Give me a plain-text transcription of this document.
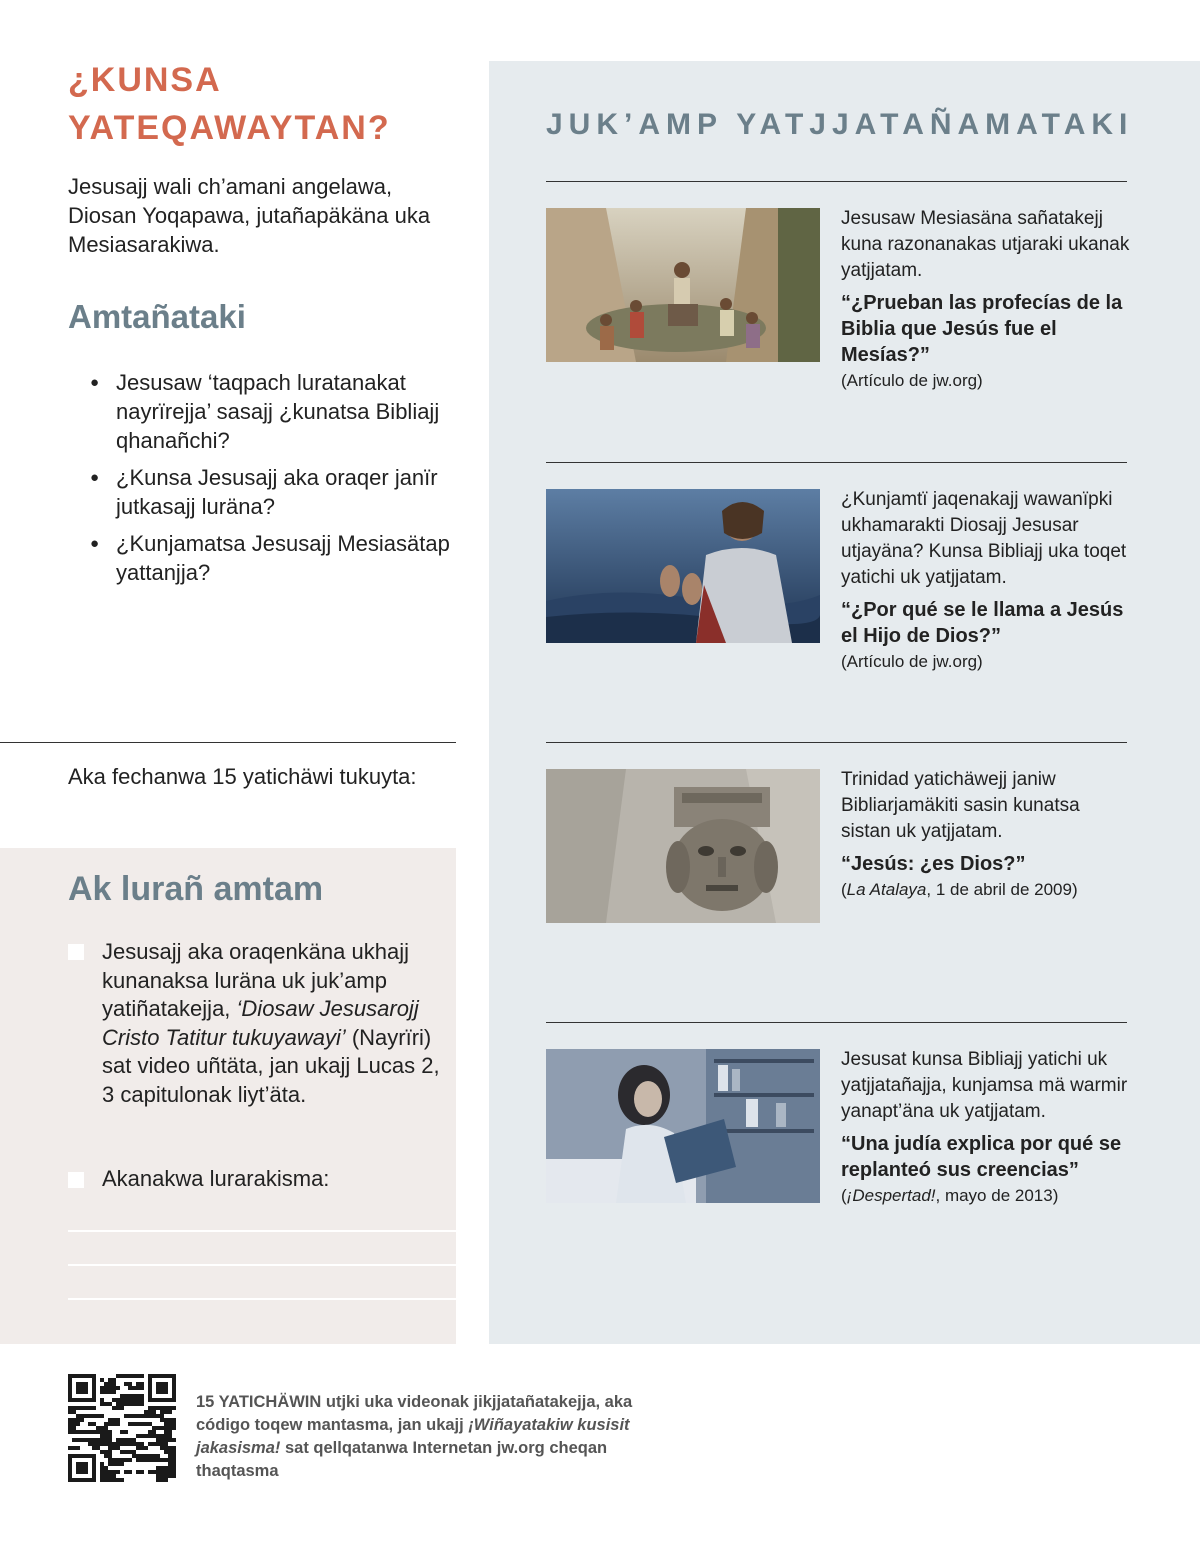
¿KUNSA
YATEQAWAYTAN?

Jesusajj wali ch’amani angelawa, Diosan Yoqapawa, jutañapäkäna uka Mesiasarakiwa.

Amtañataki
● Jesusaw ‘taqpach luratanakat nayrïrejja’ sasajj ¿kunatsa Bibliajj qhanañchi?
● ¿Kunsa Jesusajj aka oraqer janïr jutkasajj luräna?
● ¿Kunjamatsa Jesusajj Mesiasätap yattanjja?

Aka fechanwa 15 yatichäwi tukuyta:

Ak lurañ amtam

Jesusajj aka oraqenkäna ukhajj kunanaksa luräna uk juk’amp yatiñatakejja, ‘Diosaw Jesusarojj Cristo Tatitur tukuyawayi’ (Nayrïri) sat video uñtäta, jan ukajj Lucas 2, 3 capitulonak liyt’äta.

Akanakwa lurarakisma:

JUK’AMP YATJJATAÑAMATAKI

Jesusaw Mesiasäna sañatakejj kuna razonanakas utjaraki ukanak yatjjatam.

“¿Prueban las profecías de la Biblia que Jesús fue el Mesías?”

(Artículo de jw.org)

¿Kunjamtï jaqenakajj wawanïpki ukhamarakti Diosajj Jesusar utjayäna? Kunsa Bibliajj uka toqet yatichi uk yatjjatam.

“¿Por qué se le llama a Jesús el Hijo de Dios?”

(Artículo de jw.org)

Trinidad yatichäwejj janiw Bibliarjamäkiti sasin kunatsa sistan uk yatjjatam.

“Jesús: ¿es Dios?”

(La Atalaya, 1 de abril de 2009)

Jesusat kunsa Bibliajj yatichi uk yatjjatañajja, kunjamsa mä warmir yanapt’äna uk yatjjatam.

“Una judía explica por qué se replanteó sus creencias”

(¡Despertad!, mayo de 2013)

15 YATICHÄWIN utjki uka videonak jikjjatañatakejja, aka código toqew mantasma, jan ukajj ¡Wiñayatakiw kusisit jakasisma! sat qellqatanwa Internetan jw.org cheqan thaqtasma
